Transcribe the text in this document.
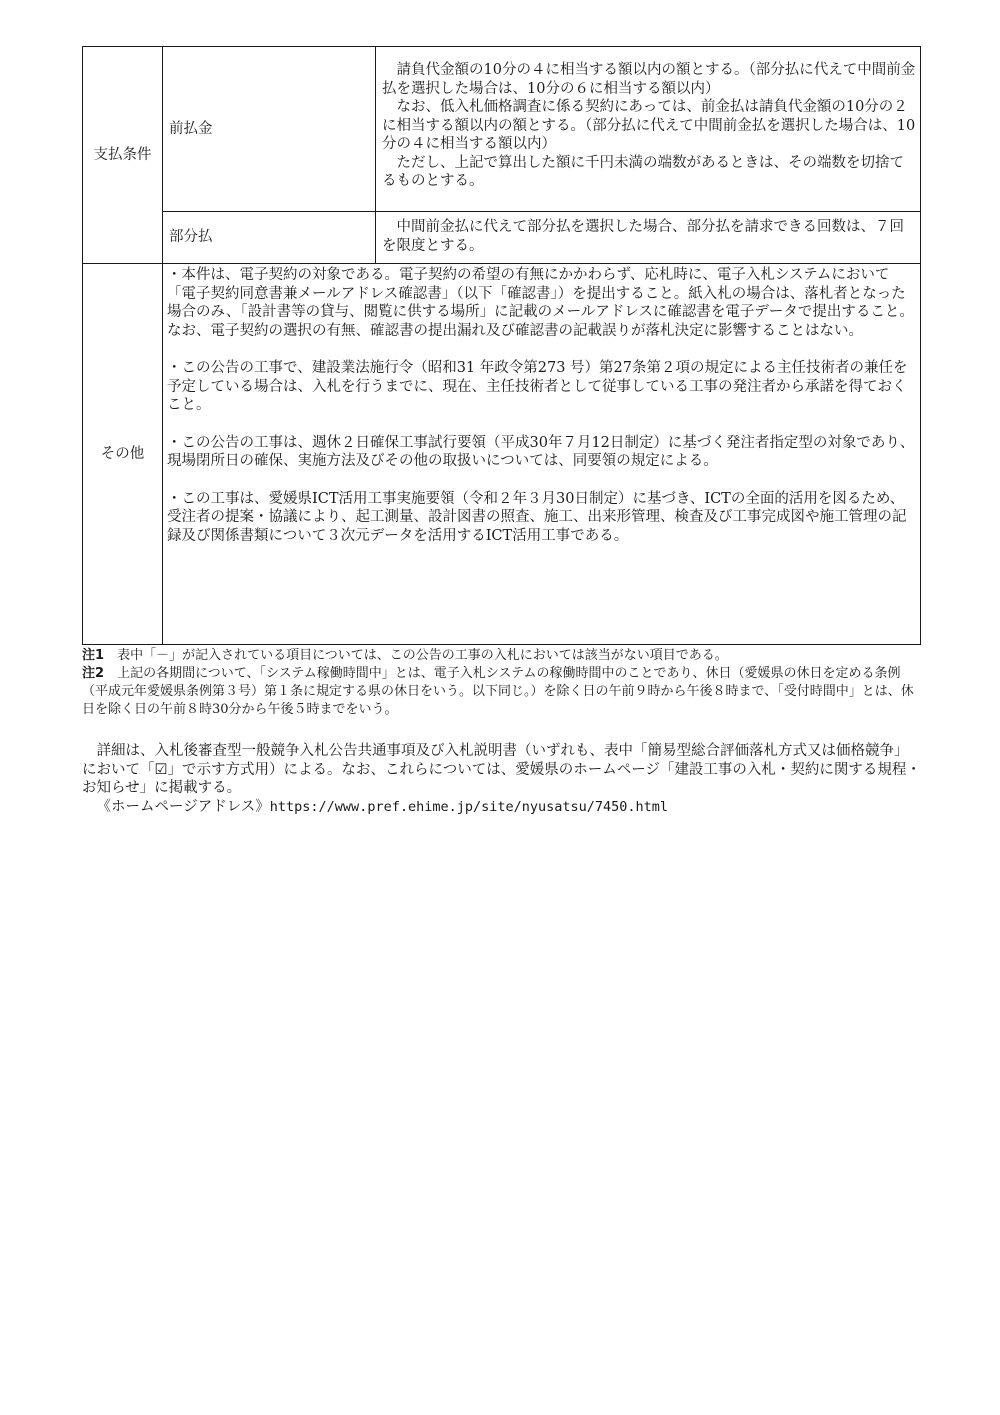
支払条件	前払金	請負代金額の10分の４に相当する額以内の額とする。（部分払に代えて中間前金払を選択した場合は、10分の６に相当する額以内）

なお、低入札価格調査に係る契約にあっては、前金払は請負代金額の10分の２に相当する額以内の額とする。（部分払に代えて中間前金払を選択した場合は、10分の４に相当する額以内）

ただし、上記で算出した額に千円未満の端数があるときは、その端数を切捨てるものとする。

	部分払	中間前金払に代えて部分払を選択した場合、部分払を請求できる回数は、７回を限度とする。

その他	・本件は、電子契約の対象である。電子契約の希望の有無にかかわらず、応札時に、電子入札システムにおいて「電子契約同意書兼メールアドレス確認書」（以下「確認書」）を提出すること。紙入札の場合は、落札者となった場合のみ、「設計書等の貸与、閲覧に供する場所」に記載のメールアドレスに確認書を電子データで提出すること。なお、電子契約の選択の有無、確認書の提出漏れ及び確認書の記載誤りが落札決定に影響することはない。

・この公告の工事で、建設業法施行令（昭和31 年政令第273 号）第27条第２項の規定による主任技術者の兼任を予定している場合は、入札を行うまでに、現在、主任技術者として従事している工事の発注者から承諾を得ておくこと。

・この公告の工事は、週休２日確保工事試行要領（平成30年７月12日制定）に基づく発注者指定型の対象であり、現場閉所日の確保、実施方法及びその他の取扱いについては、同要領の規定による。

・この工事は、愛媛県ICT活用工事実施要領（令和２年３月30日制定）に基づき、ICTの全面的活用を図るため、受注者の提案・協議により、起工測量、設計図書の照査、施工、出来形管理、検査及び工事完成図や施工管理の記録及び関係書類について３次元データを活用するICT活用工事である。	

注1　 表中「－」が記入されている項目については、この公告の工事の入札においては該当がない項目である。

注2　 上記の各期間について、「システム稼働時間中」とは、電子入札システムの稼働時間中のことであり、休日（愛媛県の休日を定める条例（平成元年愛媛県条例第３号）第１条に規定する県の休日をいう。以下同じ。）を除く日の午前９時から午後８時まで、「受付時間中」とは、休日を除く日の午前８時30分から午後５時までをいう。

詳細は、入札後審査型一般競争入札公告共通事項及び入札説明書（いずれも、表中「簡易型総合評価落札方式又は価格競争」において「☑」で示す方式用）による。なお、これらについては、愛媛県のホームページ「建設工事の入札・契約に関する規程・お知らせ」に掲載する。

《ホームページアドレス》https://www.pref.ehime.jp/site/nyusatsu/7450.html
